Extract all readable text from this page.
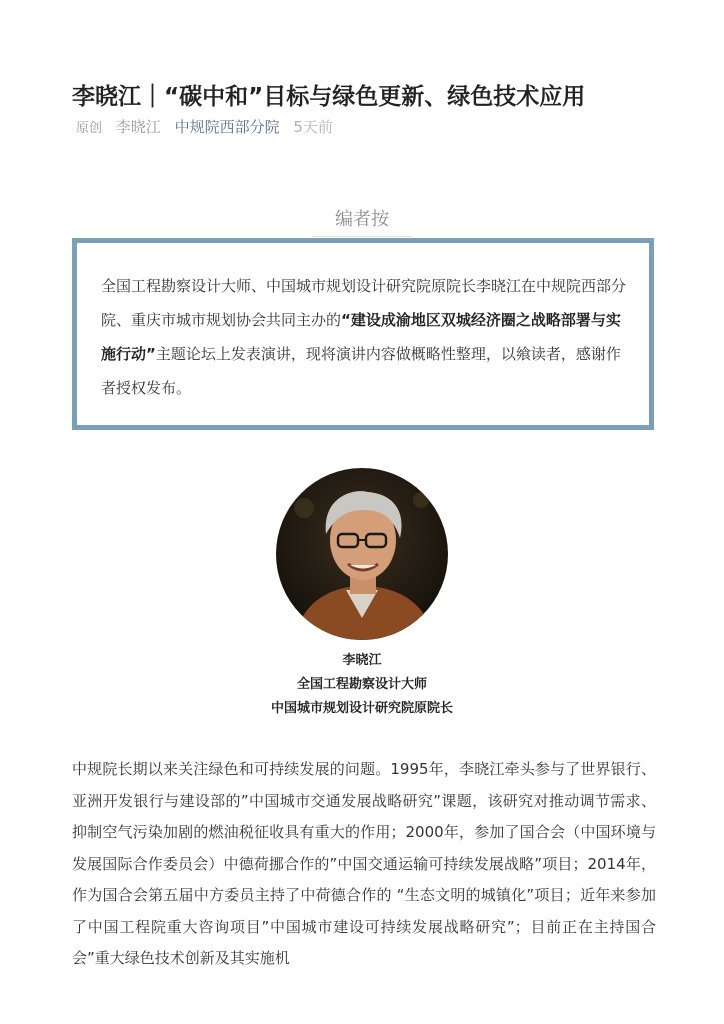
李晓江｜“碳中和”目标与绿色更新、绿色技术应用
原创 李晓江 中规院西部分院 5天前
编者按

全国工程勘察设计大师、中国城市规划设计研究院原院长李晓江在中规院西部分院、重庆市城市规划协会共同主办的“建设成渝地区双城经济圈之战略部署与实施行动”主题论坛上发表演讲，现将演讲内容做概略性整理，以飨读者，感谢作者授权发布。

李晓江
全国工程勘察设计大师
中国城市规划设计研究院原院长

中规院长期以来关注绿色和可持续发展的问题。1995年，李晓江牵头参与了世界银行、亚洲开发银行与建设部的”中国城市交通发展战略研究”课题，该研究对推动调节需求、抑制空气污染加剧的燃油税征收具有重大的作用；2000年，参加了国合会（中国环境与发展国际合作委员会）中德荷挪合作的”中国交通运输可持续发展战略”项目；2014年，作为国合会第五届中方委员主持了中荷德合作的 “生态文明的城镇化”项目；近年来参加了中国工程院重大咨询项目”中国城市建设可持续发展战略研究”；目前正在主持国合会”重大绿色技术创新及其实施机
